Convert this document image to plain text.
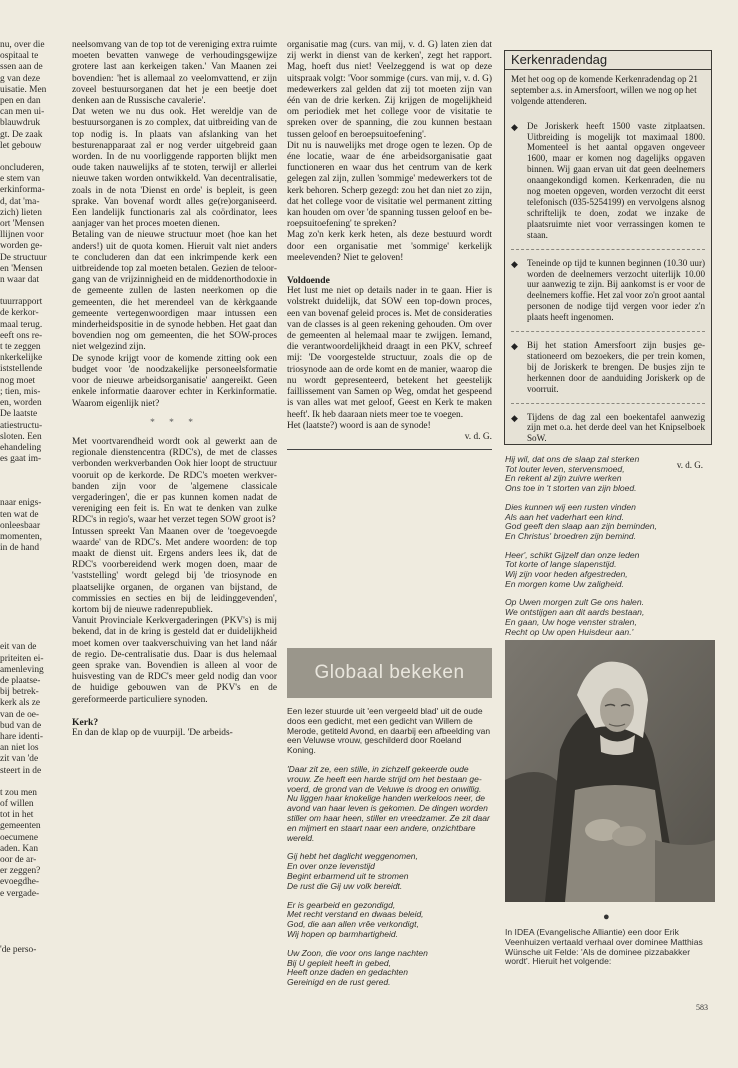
nu, over die

ospitaal te

ssen aan de

g van deze

uisatie. Men

pen en dan

can men ui-

blauwdruk

gt. De zaak

let gebouw

oncluderen,

e stem van

erkinforma-

d, dat 'ma-

zich) lieten

ort 'Mensen

llijnen voor

worden ge-

De structuur

en 'Mensen

n waar dat

tuurrapport

de kerkor-

maal terug.

eeft ons re-

t te zeggen

nkerkelijke

iststellende

nog moet

; tien, mis-

en, worden

De laatste

atiestructu-

sloten. Een

ehandeling

es gaat im-

naar enigs-

ten wat de

onleesbaar

momenten,

in de hand

eit van de

priteiten ei-

amenleving

de plaatse-

bij betrek-

kerk als ze

van de oe-

bud van de

hare identi-

an niet los

zit van 'de

steert in de

t zou men

of willen

tot in het

gemeenten

oecumene

aden. Kan

oor de ar-

er zeggen?

evoegdhe-

e vergade-

'de perso-

neelsomvang van de top tot de vereniging extra ruimte moeten bevatten vanwege de verhoudingsgewijze grotere last aan kerkeigen taken.' Van Maanen zei bovendien: 'het is allemaal zo veelomvattend, er zijn zoveel bestuursorganen dat het je een beetje doet denken aan de Russische cavalerie'.

Dat weten we nu dus ook. Het wereldje van de bestuursorganen is zo complex, dat uitbreiding van de top nodig is. In plaats van afslanking van het besturenapparaat zal er nog verder uitgebreid gaan worden. In de nu voorliggende rapporten blijkt men oude taken nauwelijks af te stoten, terwijl er allerlei nieuwe taken worden ontwikkeld. Van decentralisatie, zoals in de nota 'Dienst en orde' is bepleit, is geen sprake. Van bovenaf wordt alles ge(re)organiseerd. Een landelijk functionaris zal als coördinator, lees aanjager van het proces moeten dienen.

Betaling van de nieuwe structuur moet (hoe kan het anders!) uit de quota komen. Hieruit valt niet anders te concluderen dan dat een inkrimpende kerk een uitbreidende top zal moeten betalen. Gezien de teloorgang van de vrijzinnigheid en de middenorthodoxie in de gemeente zullen de lasten neerkomen op die gemeenten, die het merendeel van de kèrkgaande gemeente vertegenwoordigen maar intussen een minderheidspositie in de synode hebben. Het gaat dan bovendien nog om gemeenten, die het SOW-proces niet welgezind zijn.

De synode krijgt voor de komende zitting ook een budget voor 'de noodzakelijke personeelsformatie voor de nieuwe arbeidsorganisatie' aangereikt. Geen enkele informatie daarover echter in Kerkinformatie. Waarom eigenlijk niet?

* * *

Met voortvarendheid wordt ook al gewerkt aan de regionale dienstencentra (RDC's), de met de classes verbonden werkverbanden Ook hier loopt de structuur vooruit op de kerkorde. De RDC's moeten werkverbanden zijn voor de 'algemene classicale vergaderingen', die er pas kunnen komen nadat de vereniging een feit is. En wat te denken van zulke RDC's in regio's, waar het verzet tegen SOW groot is?

Intussen spreekt Van Maanen over de 'toegevoegde waarde' van de RDC's. Met andere woorden: de top maakt de dienst uit. Ergens anders lees ik, dat de RDC's voorbereidend werk mogen doen, maar de 'vaststelling' wordt gelegd bij 'de triosynode en plaatselijke organen, de organen van bijstand, de commissies en secties en bij de leidinggevenden', kortom bij de nieuwe radenrepubliek.

Vanuit Provinciale Kerkvergaderingen (PKV's) is mij bekend, dat in de kring is gesteld dat er duidelijkheid moet komen over taakverschuiving van het land náár de regio. De-centralisatie dus. Daar is dus helemaal geen sprake van. Bovendien is alleen al voor de huisvesting van de RDC's meer geld nodig dan voor de huidige gebouwen van de PKV's en de gereformeerde particuliere synoden.

Kerk?

En dan de klap op de vuurpijl. 'De arbeids-

organisatie mag (curs. van mij, v. d. G) laten zien dat zij werkt in dienst van de kerken', zegt het rapport. Mag, hoeft dus niet! Veelzeggend is wat op deze uitspraak volgt: 'Voor sommige (curs. van mij, v. d. G) medewerkers zal gelden dat zij tot moeten zijn van één van de drie kerken. Zij krijgen de mogelijkheid om periodiek met het college voor de visitatie te spreken over de spanning, die zou kunnen bestaan tussen geloof en beroepsuitoefening'.

Dit nu is nauwelijks met droge ogen te lezen. Op de éne locatie, waar de éne arbeidsorganisatie gaat functioneren en waar dus het centrum van de kerk gelegen zal zijn, zullen 'sommige' medewerkers tot de kerk behoren. Scherp gezegd: zou het dan niet zo zijn, dat het college voor de visitatie wel permanent zitting kan houden om over 'de spanning tussen geloof en beroepsuitoefening' te spreken?

Mag zo'n kerk kerk heten, als deze bestuurd wordt door een organisatie met 'sommige' kerkelijk meelevenden? Niet te geloven!

Voldoende

Het lust me niet op details nader in te gaan. Hier is volstrekt duidelijk, dat SOW een top-down proces, een van bovenaf geleid proces is. Met de consideraties van de classes is al geen rekening gehouden. Om over de gemeenten al helemaal maar te zwijgen. Iemand, die verantwoordelijkheid draagt in een PKV, schreef mij: 'De voorgestelde structuur, zoals die op de triosynode aan de orde komt en de manier, waarop die nu wordt gepresenteerd, betekent het geestelijk faillissement van Samen op Weg, omdat het gespeend is van alles wat met geloof, Geest en Kerk te maken heeft'. Ik heb daaraan niets meer toe te voegen.

Het (laatste?) woord is aan de synode!

v. d. G.

Kerkenradendag
Met het oog op de komende Kerkenradendag op 21 september a.s. in Amersfoort, willen we nog op het volgende attenderen.
◆ De Joriskerk heeft 1500 vaste zitplaatsen. Uitbreiding is mogelijk tot maximaal 1800. Momenteel is het aantal opgaven ongeveer 1600, maar er komen nog dagelijks opgaven binnen. Wij gaan ervan uit dat geen deelnemers onaangekondigd komen. Kerkenraden, die nu nog moeten opgeven, worden verzocht dit eerst telefonisch (035-5254199) en vervolgens alsnog schriftelijk te doen, zodat we inzake de plaatsruimte niet voor verrassingen komen te staan.
◆ Teneinde op tijd te kunnen beginnen (10.30 uur) worden de deelnemers verzocht uiterlijk 10.00 uur aanwezig te zijn. Bij aankomst is er voor de deelnemers koffie. Het zal voor zo'n groot aantal personen de nodige tijd vergen voor ieder z'n plaats heeft ingenomen.
◆ Bij het station Amersfoort zijn busjes gestationeerd om bezoekers, die per trein komen, bij de Joriskerk te brengen. De busjes zijn te herkennen door de aanduiding Joriskerk op de voorruit.
◆ Tijdens de dag zal een boekentafel aanwezig zijn met o.a. het derde deel van het Knipselboek SoW.
v. d. G.
Hij wil, dat ons de slaap zal sterken
Tot louter leven, stervensmoed,
En rekent al zijn zuivre werken
Ons toe in 't storten van zijn bloed.
Dies kunnen wij een rusten vinden
Als aan het vaderhart een kind.
God geeft den slaap aan zijn beminden,
En Christus' broedren zijn bemind.
Heer', schikt Gijzelf dan onze leden
Tot korte of lange slapenstijd.
Wij zijn voor heden afgestreden,
En morgen kome Uw zaligheid.
Op Uwen morgen zult Ge ons halen.
We ontstijgen aan dit aards bestaan,
En gaan, Uw hoge venster stralen,
Recht op Uw open Huisdeur aan.'
Globaal bekeken

Een lezer stuurde uit 'een vergeeld blad' uit de oude doos een gedicht, met een gedicht van Willem de Merode, getiteld Avond, en daarbij een afbeelding van een Veluwse vrouw, geschilderd door Roeland Koning.

'Daar zit ze, een stille, in zichzelf gekeerde oude vrouw. Ze heeft een harde strijd om het bestaan gevoerd, de grond van de Veluwe is droog en onwillig. Nu liggen haar knokelige handen werkeloos neer, de avond van haar leven is gekomen. De dingen worden stiller om haar heen, stiller en vreedzamer. Ze zit daar en mijmert en staart naar een andere, onzichtbare wereld.

Gij hebt het daglicht weggenomen,
En over onze levenstijd
Begint erbarmend uit te stromen
De rust die Gij uw volk bereidt.
Er is gearbeid en gezondigd,
Met recht verstand en dwaas beleid,
God, die aan allen vrêe verkondigt,
Wij hopen op barmhartigheid.
Uw Zoon, die voor ons lange nachten
Bij U gepleit heeft in gebed,
Heeft onze daden en gedachten
Gereinigd en de rust gered.
●
In IDEA (Evangelische Alliantie) een door Erik Veenhuizen vertaald verhaal over dominee Matthias Wünsche uit Felde: 'Als de dominee pizzabakker wordt'. Hieruit het volgende:
583
